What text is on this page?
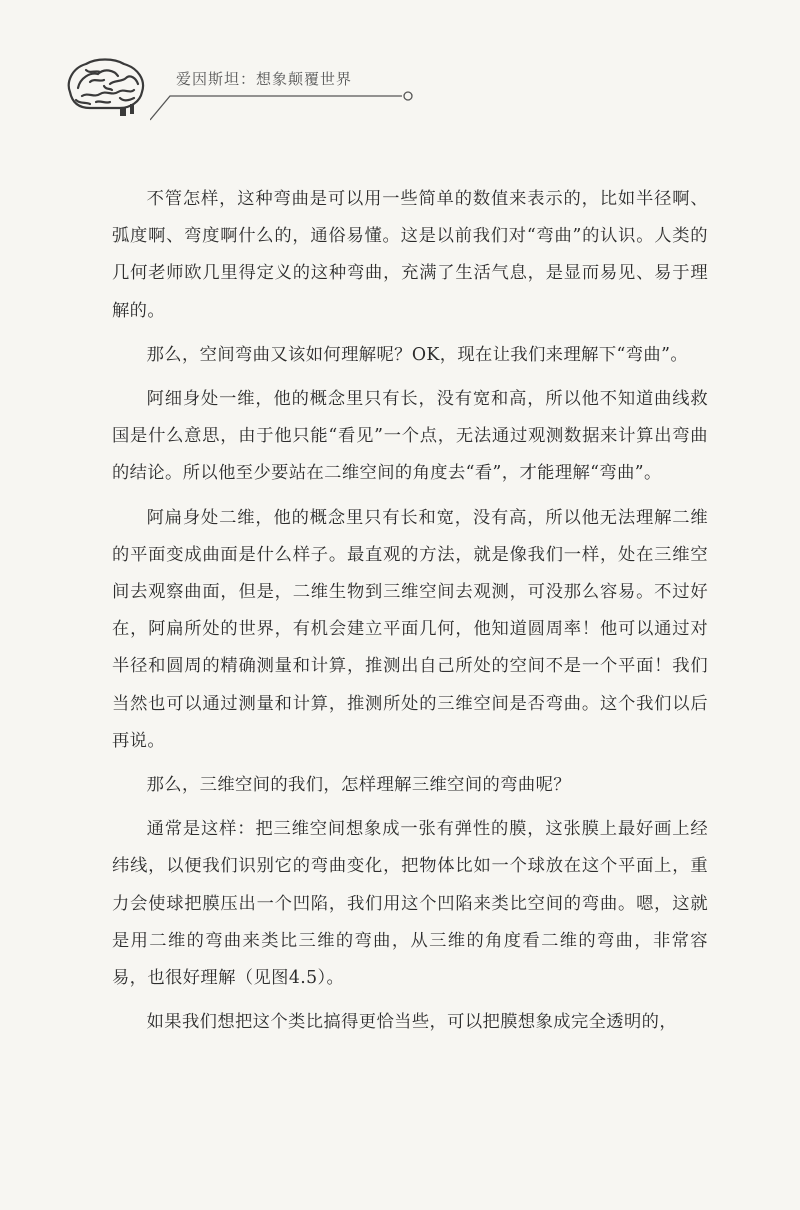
爱因斯坦：想象颠覆世界

不管怎样，这种弯曲是可以用一些简单的数值来表示的，比如半径啊、弧度啊、弯度啊什么的，通俗易懂。这是以前我们对“弯曲”的认识。人类的几何老师欧几里得定义的这种弯曲，充满了生活气息，是显而易见、易于理解的。

那么，空间弯曲又该如何理解呢？OK，现在让我们来理解下“弯曲”。

阿细身处一维，他的概念里只有长，没有宽和高，所以他不知道曲线救国是什么意思，由于他只能“看见”一个点，无法通过观测数据来计算出弯曲的结论。所以他至少要站在二维空间的角度去“看”，才能理解“弯曲”。

阿扁身处二维，他的概念里只有长和宽，没有高，所以他无法理解二维的平面变成曲面是什么样子。最直观的方法，就是像我们一样，处在三维空间去观察曲面，但是，二维生物到三维空间去观测，可没那么容易。不过好在，阿扁所处的世界，有机会建立平面几何，他知道圆周率！他可以通过对半径和圆周的精确测量和计算，推测出自己所处的空间不是一个平面！我们当然也可以通过测量和计算，推测所处的三维空间是否弯曲。这个我们以后再说。

那么，三维空间的我们，怎样理解三维空间的弯曲呢？

通常是这样：把三维空间想象成一张有弹性的膜，这张膜上最好画上经纬线，以便我们识别它的弯曲变化，把物体比如一个球放在这个平面上，重力会使球把膜压出一个凹陷，我们用这个凹陷来类比空间的弯曲。嗯，这就是用二维的弯曲来类比三维的弯曲，从三维的角度看二维的弯曲，非常容易，也很好理解（见图4.5）。

如果我们想把这个类比搞得更恰当些，可以把膜想象成完全透明的，
